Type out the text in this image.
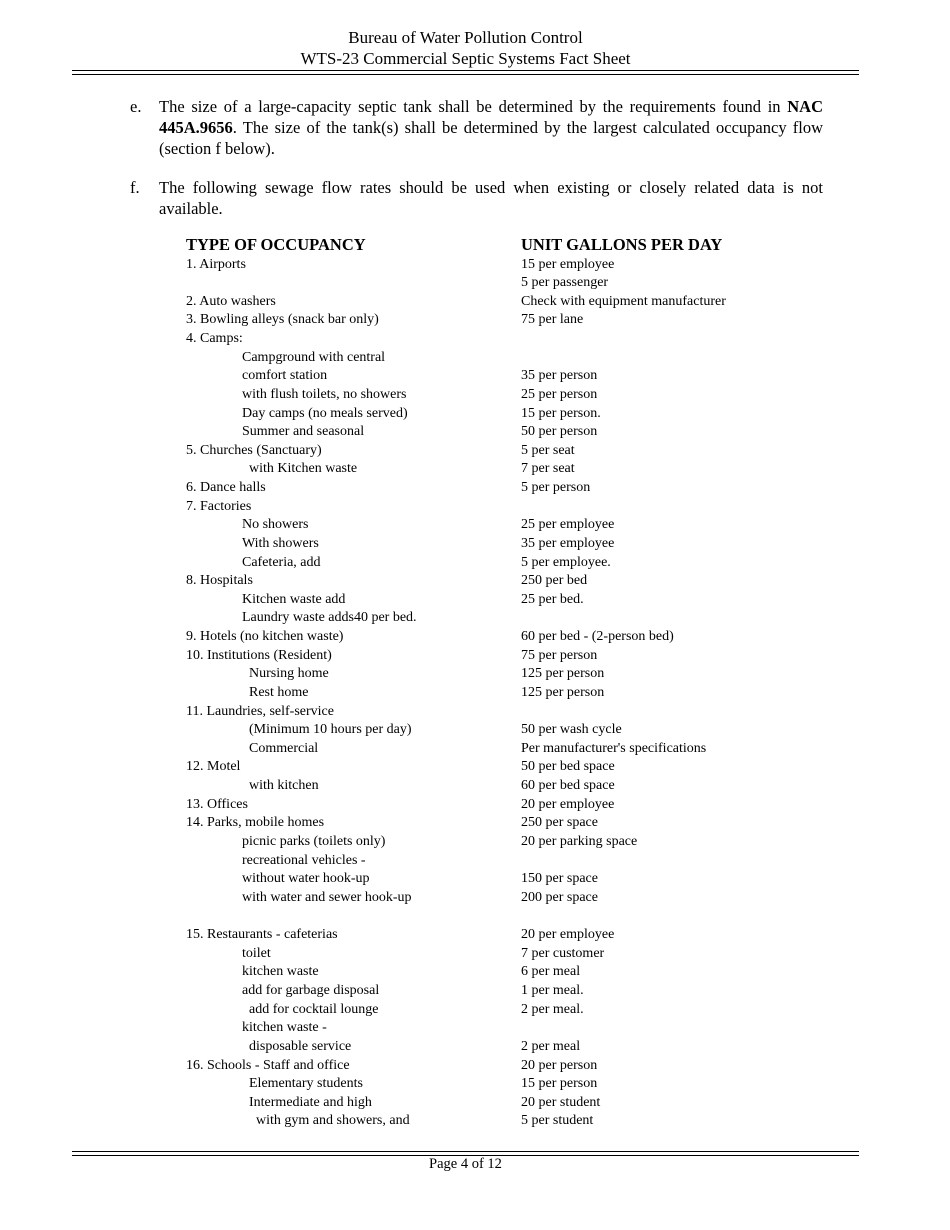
Bureau of Water Pollution Control
WTS-23 Commercial Septic Systems Fact Sheet
e. The size of a large-capacity septic tank shall be determined by the requirements found in NAC 445A.9656. The size of the tank(s) shall be determined by the largest calculated occupancy flow (section f below).
f. The following sewage flow rates should be used when existing or closely related data is not available.
TYPE OF OCCUPANCY	UNIT GALLONS PER DAY
1. Airports	15 per employee
5 per passenger
2. Auto washers	Check with equipment manufacturer
3. Bowling alleys (snack bar only)	75 per lane
4. Camps:
Campground with central
comfort station	35 per person
with flush toilets, no showers	25 per person
Day camps (no meals served)	15 per person.
Summer and seasonal	50 per person
5. Churches (Sanctuary)	5 per seat
with Kitchen waste	7 per seat
6. Dance halls	5 per person
7. Factories
No showers	25 per employee
With showers	35 per employee
Cafeteria, add	5 per employee.
8. Hospitals	250 per bed
Kitchen waste add	25 per bed.
Laundry waste adds40 per bed.
9. Hotels (no kitchen waste)	60 per bed - (2-person bed)
10. Institutions (Resident)	75 per person
Nursing home	125 per person
Rest home	125 per person
11. Laundries, self-service
(Minimum 10 hours per day)	50 per wash cycle
Commercial	Per manufacturer's specifications
12. Motel	50 per bed space
with kitchen	60 per bed space
13. Offices	20 per employee
14. Parks, mobile homes	250 per space
picnic parks (toilets only)	20 per parking space
recreational vehicles -
without water hook-up	150 per space
with water and sewer hook-up	200 per space
15. Restaurants - cafeterias	20 per employee
toilet	7 per customer
kitchen waste	6 per meal
add for garbage disposal	1 per meal.
add for cocktail lounge	2 per meal.
kitchen waste -
disposable service	2 per meal
16. Schools - Staff and office	20 per person
Elementary students	15 per person
Intermediate and high	20 per student
with gym and showers, and	5 per student
Page 4 of 12
